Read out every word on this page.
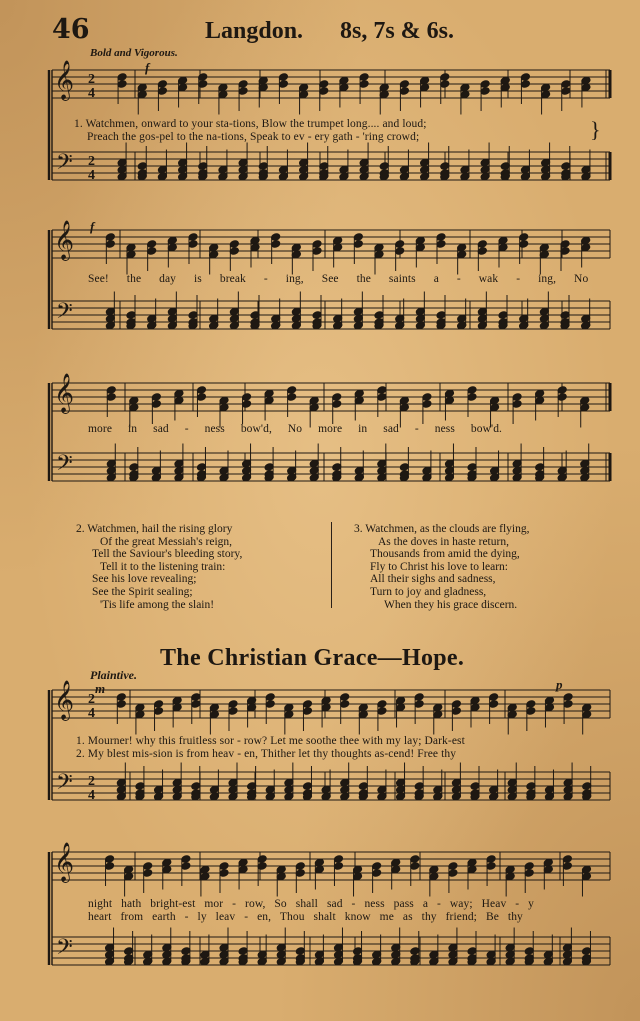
46	Langdon. 8s, 7s & 6s.
𝄞
𝄢
2
4
2
4
𝄞
𝄢
𝄞
𝄢
𝄞
𝄢
2
4
2
4
𝄞
𝄢
Bold and Vigorous.
f
f
1. Watchmen, onward to your sta-tions, Blow the trumpet long.... and loud;
Preach the gos-pel to the na-tions, Speak to ev - ery gath - 'ring crowd;	}
See! the day is break - ing, See the saints a - wak - ing, No
more in sad - ness bow'd, No more in sad - ness bow'd.
2. Watchmen, hail the rising glory
Of the great Messiah's reign,
Tell the Saviour's bleeding story,
Tell it to the listening train:
See his love revealing;
See the Spirit sealing;
'Tis life among the slain!
3. Watchmen, as the clouds are flying,
As the doves in haste return,
Thousands from amid the dying,
Fly to Christ his love to learn:
All their sighs and sadness,
Turn to joy and gladness,
When they his grace discern.
The Christian Grace—Hope.
Plaintive.
m	p
1. Mourner! why this fruitless sor - row? Let me soothe thee with my lay; Dark-est
2. My blest mis-sion is from heav - en, Thither let thy thoughts as-cend! Free thy
night hath bright-est mor - row, So shall sad - ness pass a - way; Heav - y
heart from earth - ly leav - en, Thou shalt know me as thy friend; Be thy
